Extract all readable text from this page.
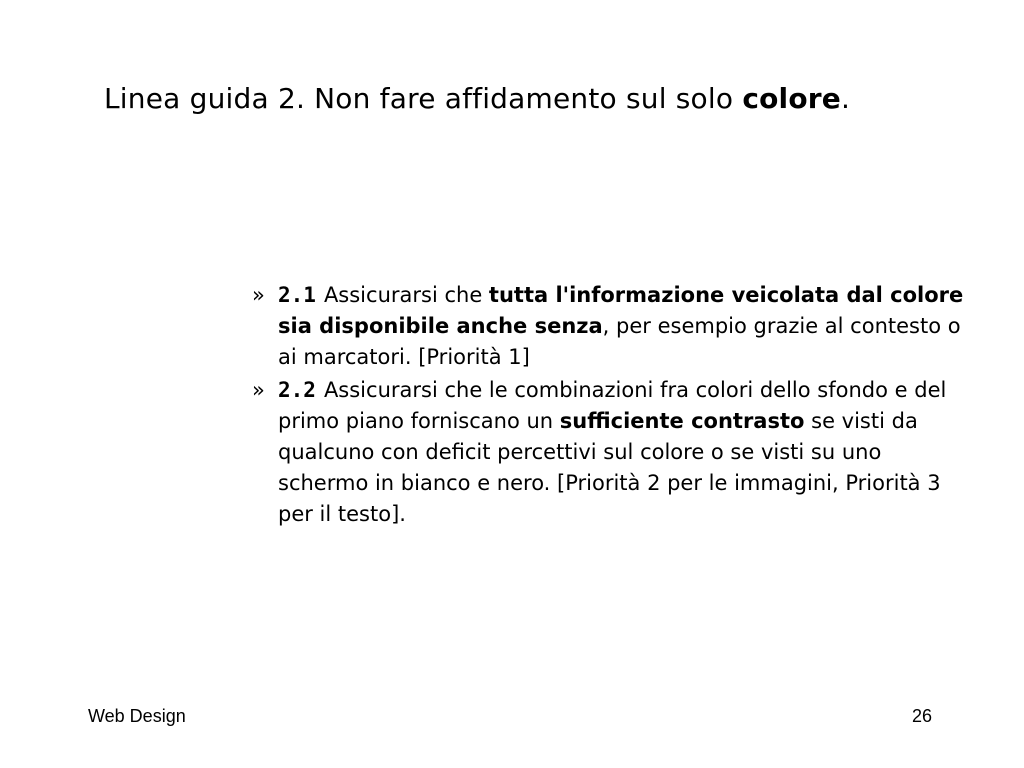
Linea guida 2. Non fare affidamento sul solo colore.
» 2.1 Assicurarsi che tutta l'informazione veicolata dal colore sia disponibile anche senza, per esempio grazie al contesto o ai marcatori. [Priorità 1]
» 2.2 Assicurarsi che le combinazioni fra colori dello sfondo e del primo piano forniscano un sufficiente contrasto se visti da qualcuno con deficit percettivi sul colore o se visti su uno schermo in bianco e nero. [Priorità 2 per le immagini, Priorità 3 per il testo].
Web Design	26
